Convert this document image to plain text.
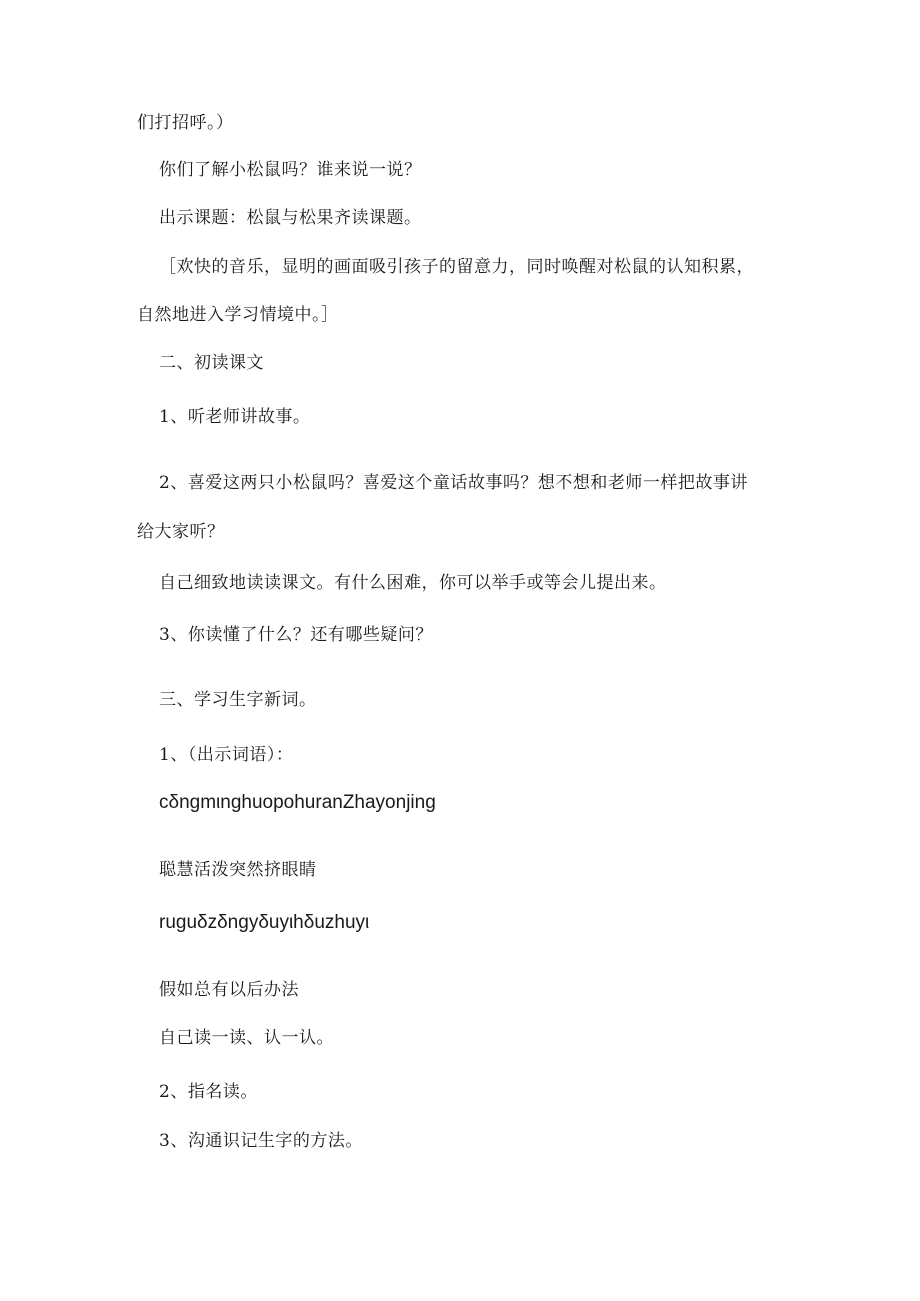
们打招呼。）
你们了解小松鼠吗？谁来说一说？
出示课题：松鼠与松果齐读课题。
［欢快的音乐，显明的画面吸引孩子的留意力，同时唤醒对松鼠的认知积累，
自然地进入学习情境中。］
二、初读课文
1、听老师讲故事。
2、喜爱这两只小松鼠吗？喜爱这个童话故事吗？想不想和老师一样把故事讲
给大家听？
自己细致地读读课文。有什么困难，你可以举手或等会儿提出来。
3、你读懂了什么？还有哪些疑问？
三、学习生字新词。
1、（出示词语）：
cδngmιnghuopohuranZhayonjing
聪慧活泼突然挤眼睛
ruguδzδngyδuyιhδuzhuyι
假如总有以后办法
自己读一读、认一认。
2、指名读。
3、沟通识记生字的方法。
